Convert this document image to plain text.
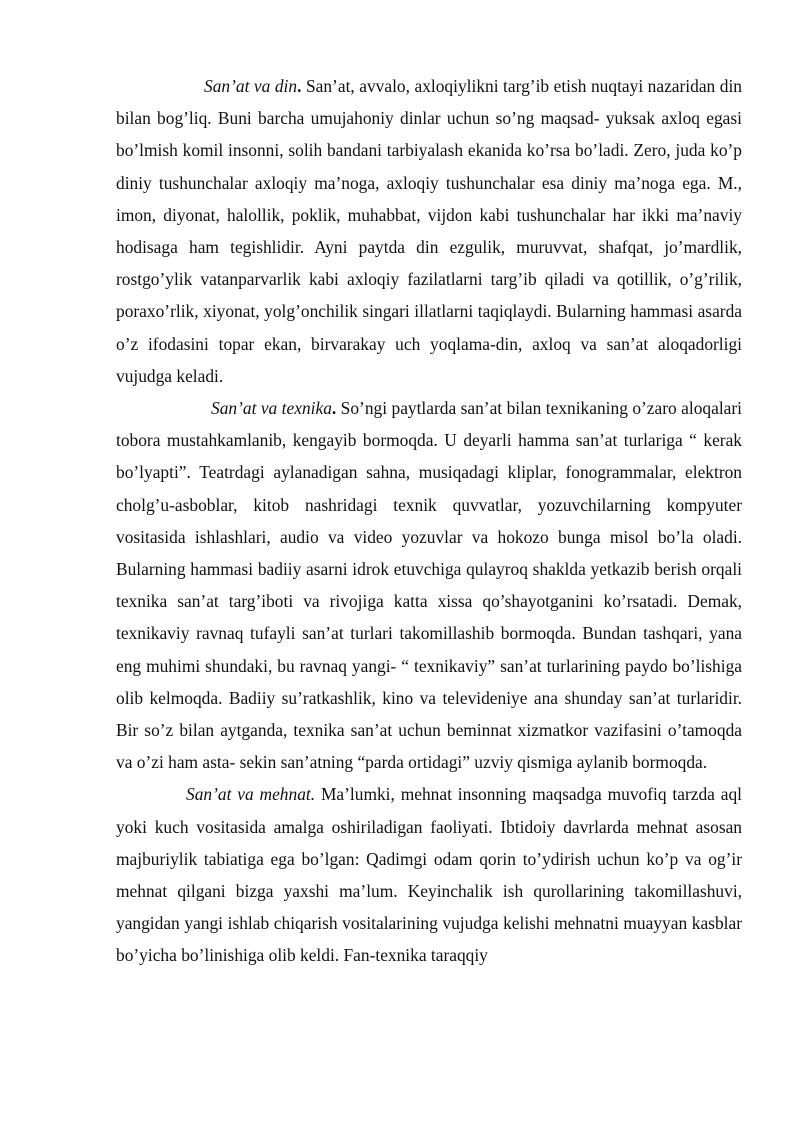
San’at va din. San’at, avvalo, axloqiylikni targ’ib etish nuqtayi nazaridan din bilan bog’liq. Buni barcha umujahoniy dinlar uchun so’ng maqsad- yuksak axloq egasi bo’lmish komil insonni, solih bandani tarbiyalash ekanida ko’rsa bo’ladi. Zero, juda ko’p diniy tushunchalar axloqiy ma’noga, axloqiy tushunchalar esa diniy ma’noga ega. M., imon, diyonat, halollik, poklik, muhabbat, vijdon kabi tushunchalar har ikki ma’naviy hodisaga ham tegishlidir. Ayni paytda din ezgulik, muruvvat, shafqat, jo’mardlik, rostgo’ylik vatanparvarlik kabi axloqiy fazilatlarni targ’ib qiladi va qotillik, o’g’rilik, poraxo’rlik, xiyonat, yolg’onchilik singari illatlarni taqiqlaydi. Bularning hammasi asarda o’z ifodasini topar ekan, birvarakay uch yoqlama-din, axloq va san’at aloqadorligi vujudga keladi.

San’at va texnika. So’ngi paytlarda san’at bilan texnikaning o’zaro aloqalari tobora mustahkamlanib, kengayib bormoqda. U deyarli hamma san’at turlariga “ kerak bo’lyapti”. Teatrdagi aylanadigan sahna, musiqadagi kliplar, fonogrammalar, elektron cholg’u-asboblar, kitob nashridagi texnik quvvatlar, yozuvchilarning kompyuter vositasida ishlashlari, audio va video yozuvlar va hokozo bunga misol bo’la oladi. Bularning hammasi badiiy asarni idrok etuvchiga qulayroq shaklda yetkazib berish orqali texnika san’at targ’iboti va rivojiga katta xissa qo’shayotganini ko’rsatadi. Demak, texnikaviy ravnaq tufayli san’at turlari takomillashib bormoqda. Bundan tashqari, yana eng muhimi shundaki, bu ravnaq yangi- “ texnikaviy” san’at turlarining paydo bo’lishiga olib kelmoqda. Badiiy su’ratkashlik, kino va televideniye ana shunday san’at turlaridir. Bir so’z bilan aytganda, texnika san’at uchun beminnat xizmatkor vazifasini o’tamoqda va o’zi ham asta- sekin san’atning “parda ortidagi” uzviy qismiga aylanib bormoqda.

San’at va mehnat. Ma’lumki, mehnat insonning maqsadga muvofiq tarzda aql yoki kuch vositasida amalga oshiriladigan faoliyati. Ibtidoiy davrlarda mehnat asosan majburiylik tabiatiga ega bo’lgan: Qadimgi odam qorin to’ydirish uchun ko’p va og’ir mehnat qilgani bizga yaxshi ma’lum. Keyinchalik ish qurollarining takomillashuvi, yangidan yangi ishlab chiqarish vositalarining vujudga kelishi mehnatni muayyan kasblar bo’yicha bo’linishiga olib keldi. Fan-texnika taraqqiy
